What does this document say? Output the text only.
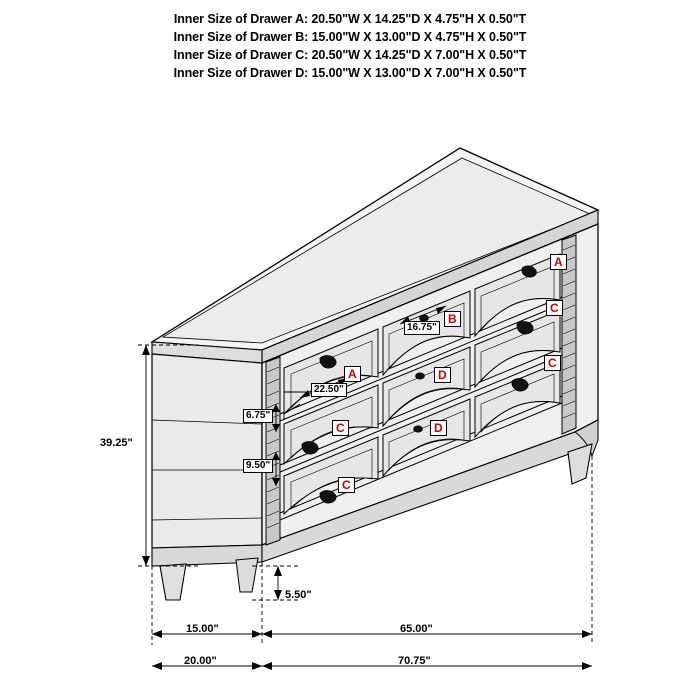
Inner Size of Drawer A: 20.50"W X 14.25"D X 4.75"H X 0.50"T
Inner Size of Drawer B: 15.00"W X 13.00"D X 4.75"H X 0.50"T
Inner Size of Drawer C: 20.50"W X 14.25"D X 7.00"H X 0.50"T
Inner Size of Drawer D: 15.00"W X 13.00"D X 7.00"H X 0.50"T
A
C
C
B
D
D
A
C
C
39.25"
5.50"
15.00"	65.00"
20.00"	70.75"
16.75"
22.50"
6.75"
9.50"
